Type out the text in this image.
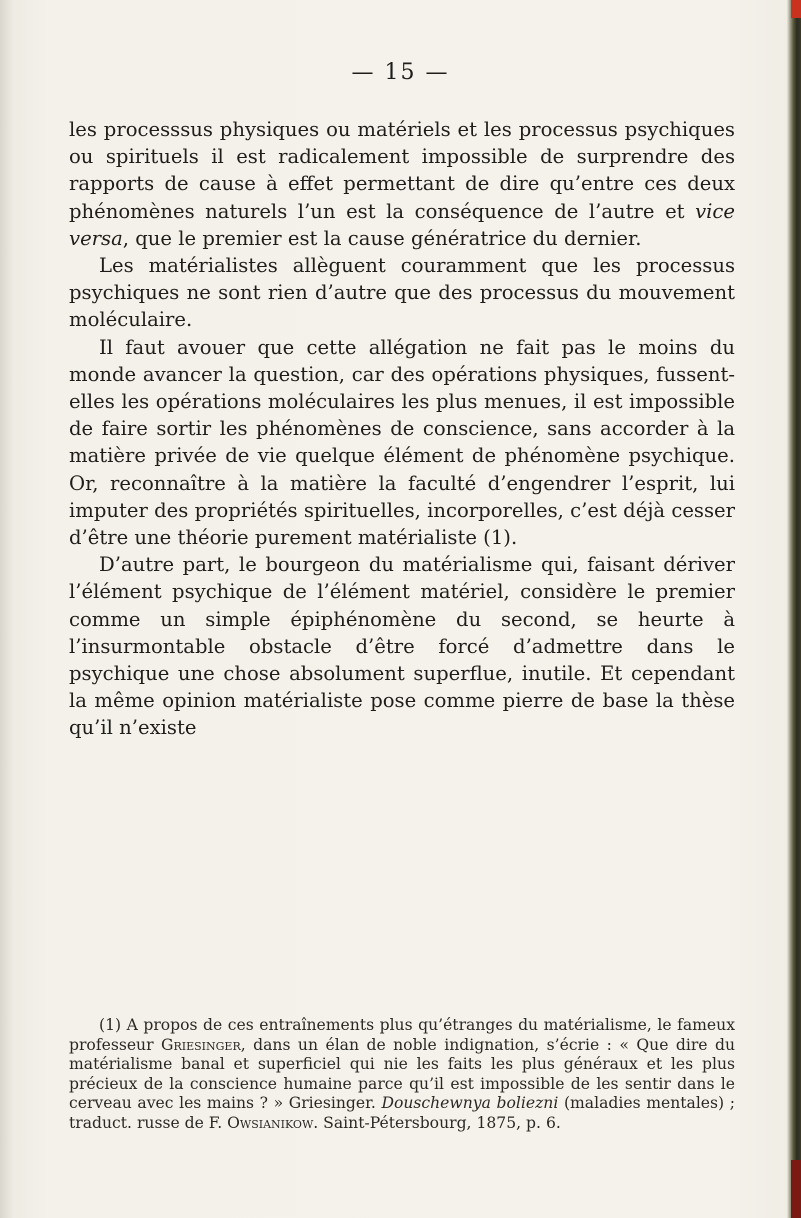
— 15 —

les processsus physiques ou matériels et les processus psychiques ou spirituels il est radicalement impossible de surprendre des rapports de cause à effet permettant de dire qu’entre ces deux phénomènes naturels l’un est la conséquence de l’autre et vice versa, que le premier est la cause génératrice du dernier.

Les matérialistes allèguent couramment que les processus psychiques ne sont rien d’autre que des processus du mouvement moléculaire.

Il faut avouer que cette allégation ne fait pas le moins du monde avancer la question, car des opérations physiques, fussent-elles les opérations moléculaires les plus menues, il est impossible de faire sortir les phénomènes de conscience, sans accorder à la matière privée de vie quelque élément de phénomène psychique. Or, reconnaître à la matière la faculté d’engendrer l’esprit, lui imputer des propriétés spirituelles, incorporelles, c’est déjà cesser d’être une théorie purement matérialiste (1).

D’autre part, le bourgeon du matérialisme qui, faisant dériver l’élément psychique de l’élément matériel, considère le premier comme un simple épiphénomène du second, se heurte à l’insurmontable obstacle d’être forcé d’admettre dans le psychique une chose absolument superflue, inutile. Et cependant la même opinion matérialiste pose comme pierre de base la thèse qu’il n’existe

(1) A propos de ces entraînements plus qu’étranges du matérialisme, le fameux professeur Griesinger, dans un élan de noble indignation, s’écrie : « Que dire du matérialisme banal et superficiel qui nie les faits les plus généraux et les plus précieux de la conscience humaine parce qu’il est impossible de les sentir dans le cerveau avec les mains ? » Griesinger. Douschewnya boliezni (maladies mentales) ; traduct. russe de F. Owsianikow. Saint-Pétersbourg, 1875, p. 6.
